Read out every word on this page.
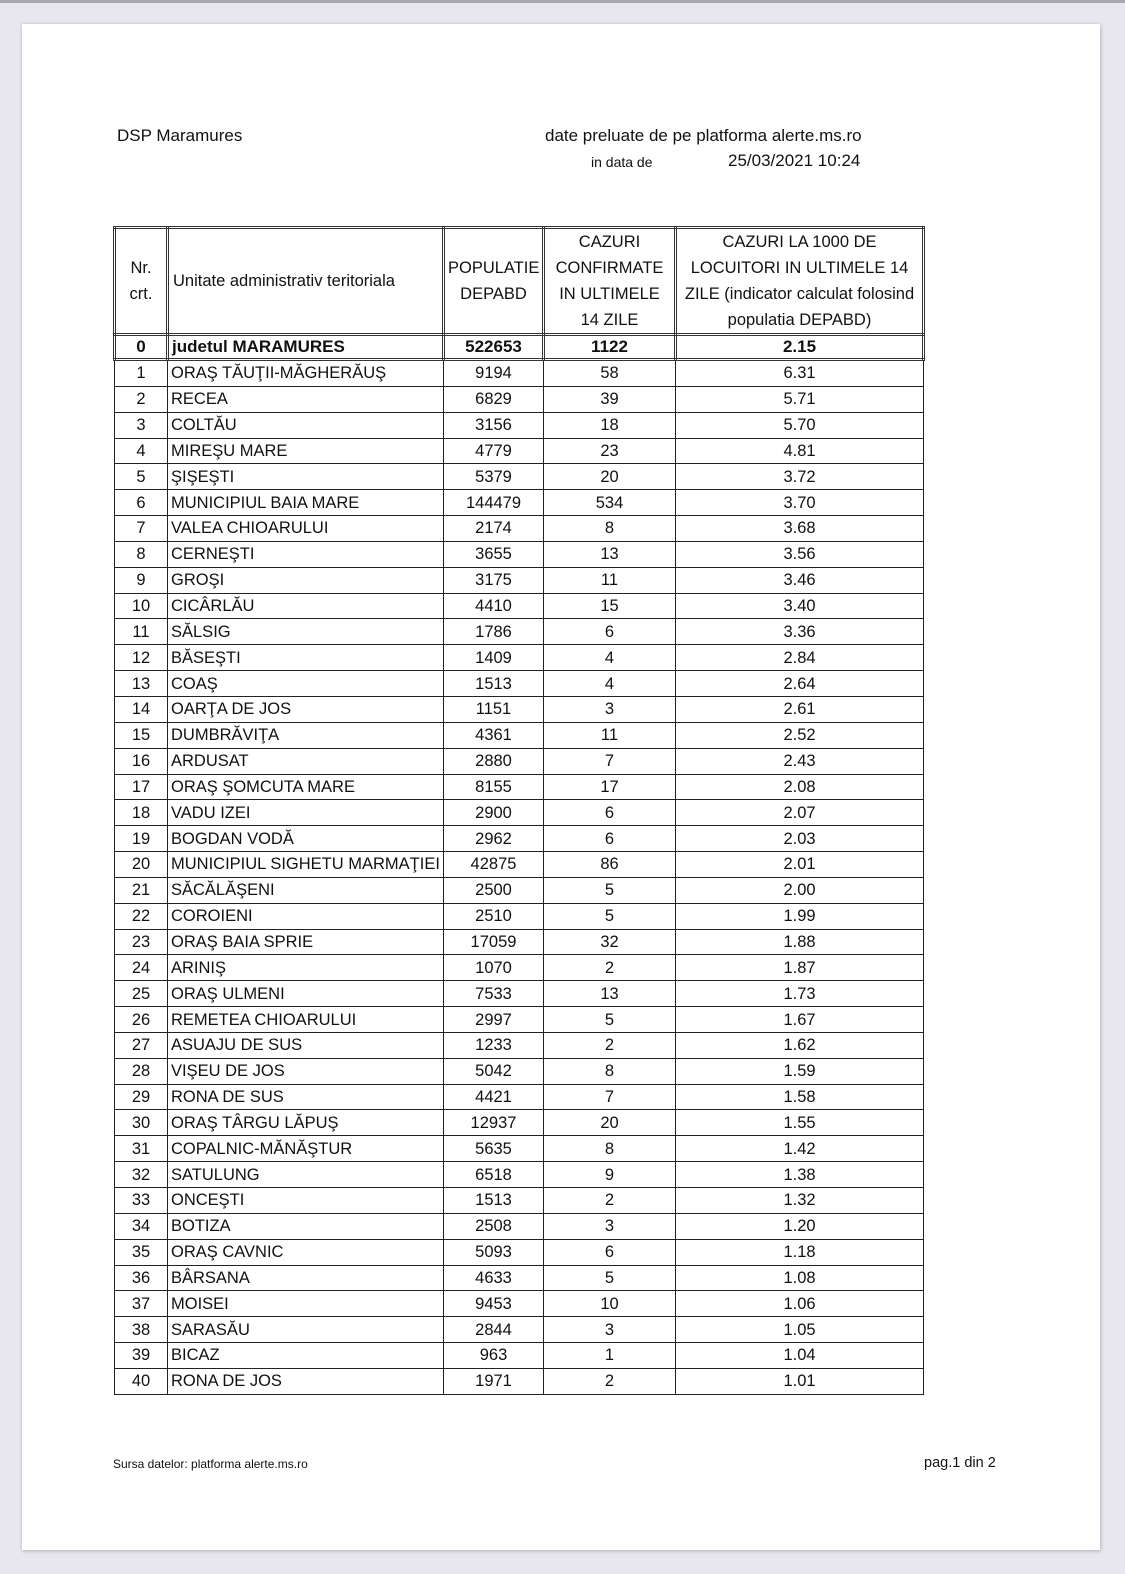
DSP Maramures	date preluate de pe platforma alerte.ms.ro
in data de	25/03/2021 10:24
Nr. crt.	Unitate administrativ teritoriala	POPULATIE DEPABD	CAZURI CONFIRMATE IN ULTIMELE 14 ZILE	CAZURI LA 1000 DE LOCUITORI IN ULTIMELE 14 ZILE (indicator calculat folosind populatia DEPABD)
0	judetul MARAMURES	522653	1122	2.15
1	ORAŞ TĂUŢII-MĂGHERĂUŞ	9194	58	6.31
2	RECEA	6829	39	5.71
3	COLTĂU	3156	18	5.70
4	MIREŞU MARE	4779	23	4.81
5	ŞIŞEŞTI	5379	20	3.72
6	MUNICIPIUL BAIA MARE	144479	534	3.70
7	VALEA CHIOARULUI	2174	8	3.68
8	CERNEŞTI	3655	13	3.56
9	GROŞI	3175	11	3.46
10	CICÂRLĂU	4410	15	3.40
11	SĂLSIG	1786	6	3.36
12	BĂSEŞTI	1409	4	2.84
13	COAŞ	1513	4	2.64
14	OARŢA DE JOS	1151	3	2.61
15	DUMBRĂVIŢA	4361	11	2.52
16	ARDUSAT	2880	7	2.43
17	ORAŞ ŞOMCUTA MARE	8155	17	2.08
18	VADU IZEI	2900	6	2.07
19	BOGDAN VODĂ	2962	6	2.03
20	MUNICIPIUL SIGHETU MARMAŢIEI	42875	86	2.01
21	SĂCĂLĂŞENI	2500	5	2.00
22	COROIENI	2510	5	1.99
23	ORAŞ BAIA SPRIE	17059	32	1.88
24	ARINIŞ	1070	2	1.87
25	ORAŞ ULMENI	7533	13	1.73
26	REMETEA CHIOARULUI	2997	5	1.67
27	ASUAJU DE SUS	1233	2	1.62
28	VIŞEU DE JOS	5042	8	1.59
29	RONA DE SUS	4421	7	1.58
30	ORAŞ TÂRGU LĂPUŞ	12937	20	1.55
31	COPALNIC-MĂNĂŞTUR	5635	8	1.42
32	SATULUNG	6518	9	1.38
33	ONCEŞTI	1513	2	1.32
34	BOTIZA	2508	3	1.20
35	ORAŞ CAVNIC	5093	6	1.18
36	BÂRSANA	4633	5	1.08
37	MOISEI	9453	10	1.06
38	SARASĂU	2844	3	1.05
39	BICAZ	963	1	1.04
40	RONA DE JOS	1971	2	1.01
Sursa datelor: platforma alerte.ms.ro	pag.1 din 2
